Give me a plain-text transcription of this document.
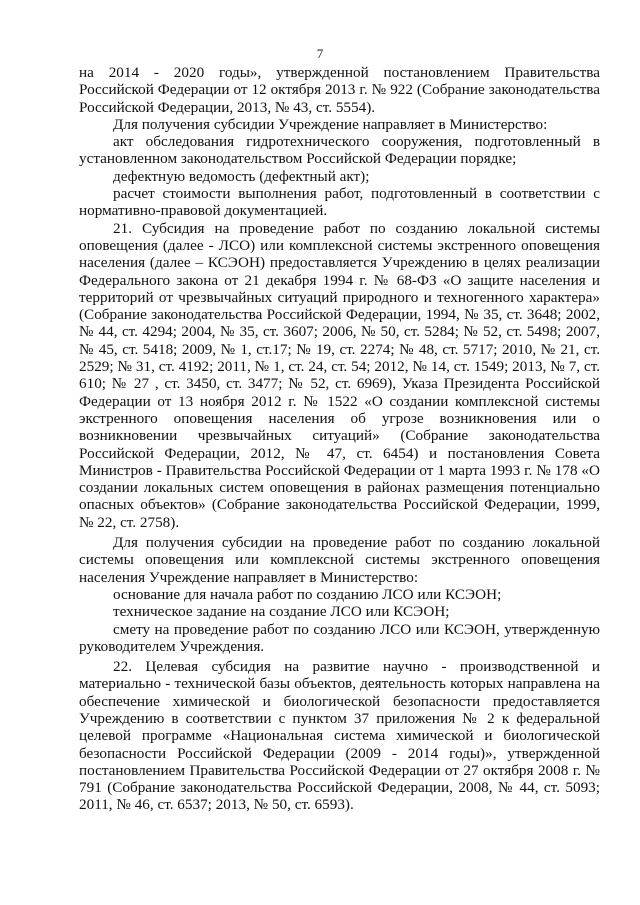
7

на 2014 - 2020 годы», утвержденной постановлением Правительства Российской Федерации от 12 октября 2013 г. № 922 (Собрание законодательства Российской Федерации, 2013, № 43, ст. 5554).

Для получения субсидии Учреждение направляет в Министерство:

акт обследования гидротехнического сооружения, подготовленный в установленном законодательством Российской Федерации порядке;

дефектную ведомость (дефектный акт);

расчет стоимости выполнения работ, подготовленный в соответствии с нормативно-правовой документацией.

21. Субсидия на проведение работ по созданию локальной системы оповещения (далее - ЛСО) или комплексной системы экстренного оповещения населения (далее – КСЭОН) предоставляется Учреждению в целях реализации Федерального закона от 21 декабря 1994 г. № 68-ФЗ «О защите населения и территорий от чрезвычайных ситуаций природного и техногенного характера» (Собрание законодательства Российской Федерации, 1994, № 35, ст. 3648; 2002, № 44, ст. 4294; 2004, № 35, ст. 3607; 2006, № 50, ст. 5284; № 52, ст. 5498; 2007, № 45, ст. 5418; 2009, № 1, ст.17; № 19, ст. 2274; № 48, ст. 5717; 2010, № 21, ст. 2529; № 31, ст. 4192; 2011, № 1, ст. 24, ст. 54; 2012, № 14, ст. 1549; 2013, № 7, ст. 610; № 27 , ст. 3450, ст. 3477; № 52, ст. 6969), Указа Президента Российской Федерации от 13 ноября 2012 г. № 1522 «О создании комплексной системы экстренного оповещения населения об угрозе возникновения или о возникновении чрезвычайных ситуаций» (Собрание законодательства Российской Федерации, 2012, № 47, ст. 6454) и постановления Совета Министров - Правительства Российской Федерации от 1 марта 1993 г. № 178 «О создании локальных систем оповещения в районах размещения потенциально опасных объектов» (Собрание законодательства Российской Федерации, 1999, № 22, ст. 2758).

Для получения субсидии на проведение работ по созданию локальной системы оповещения или комплексной системы экстренного оповещения населения Учреждение направляет в Министерство:

основание для начала работ по созданию ЛСО или КСЭОН;

техническое задание на создание ЛСО или КСЭОН;

смету на проведение работ по созданию ЛСО или КСЭОН, утвержденную руководителем Учреждения.

22. Целевая субсидия на развитие научно - производственной и материально - технической базы объектов, деятельность которых направлена на обеспечение химической и биологической безопасности предоставляется Учреждению в соответствии с пунктом 37 приложения № 2 к федеральной целевой программе «Национальная система химической и биологической безопасности Российской Федерации (2009 - 2014 годы)», утвержденной постановлением Правительства Российской Федерации от 27 октября 2008 г. № 791 (Собрание законодательства Российской Федерации, 2008, № 44, ст. 5093; 2011, № 46, ст. 6537; 2013, № 50, ст. 6593).
